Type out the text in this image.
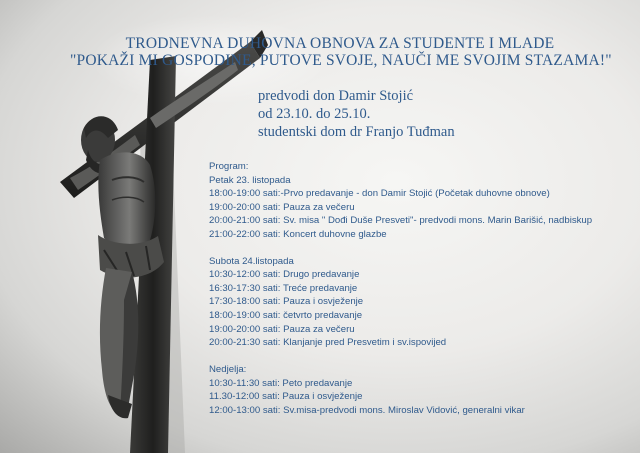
TRODNEVNA DUHOVNA OBNOVA ZA STUDENTE I MLADE
"POKAŽI MI GOSPODINE, PUTOVE SVOJE, NAUČI ME SVOJIM STAZAMA!"
predvodi don Damir Stojić
od 23.10. do 25.10.
studentski dom dr Franjo Tuđman
Program:
Petak 23. listopada
18:00-19:00 sati:-Prvo predavanje - don Damir Stojić (Početak duhovne obnove)
19:00-20:00 sati: Pauza za večeru
20:00-21:00 sati: Sv. misa " Dođi Duše Presveti"- predvodi mons. Marin Barišić, nadbiskup
21:00-22:00 sati: Koncert duhovne glazbe
Subota 24.listopada
10:30-12:00 sati: Drugo predavanje
16:30-17:30 sati: Treće predavanje
17:30-18:00 sati: Pauza i osvježenje
18:00-19:00 sati: četvrto predavanje
19:00-20:00 sati: Pauza za večeru
20:00-21:30 sati: Klanjanje pred Presvetim i sv.ispovijed
Nedjelja:
10:30-11:30 sati: Peto predavanje
11.30-12:00 sati: Pauza i osvježenje
12:00-13:00 sati: Sv.misa-predvodi mons. Miroslav Vidović, generalni vikar
